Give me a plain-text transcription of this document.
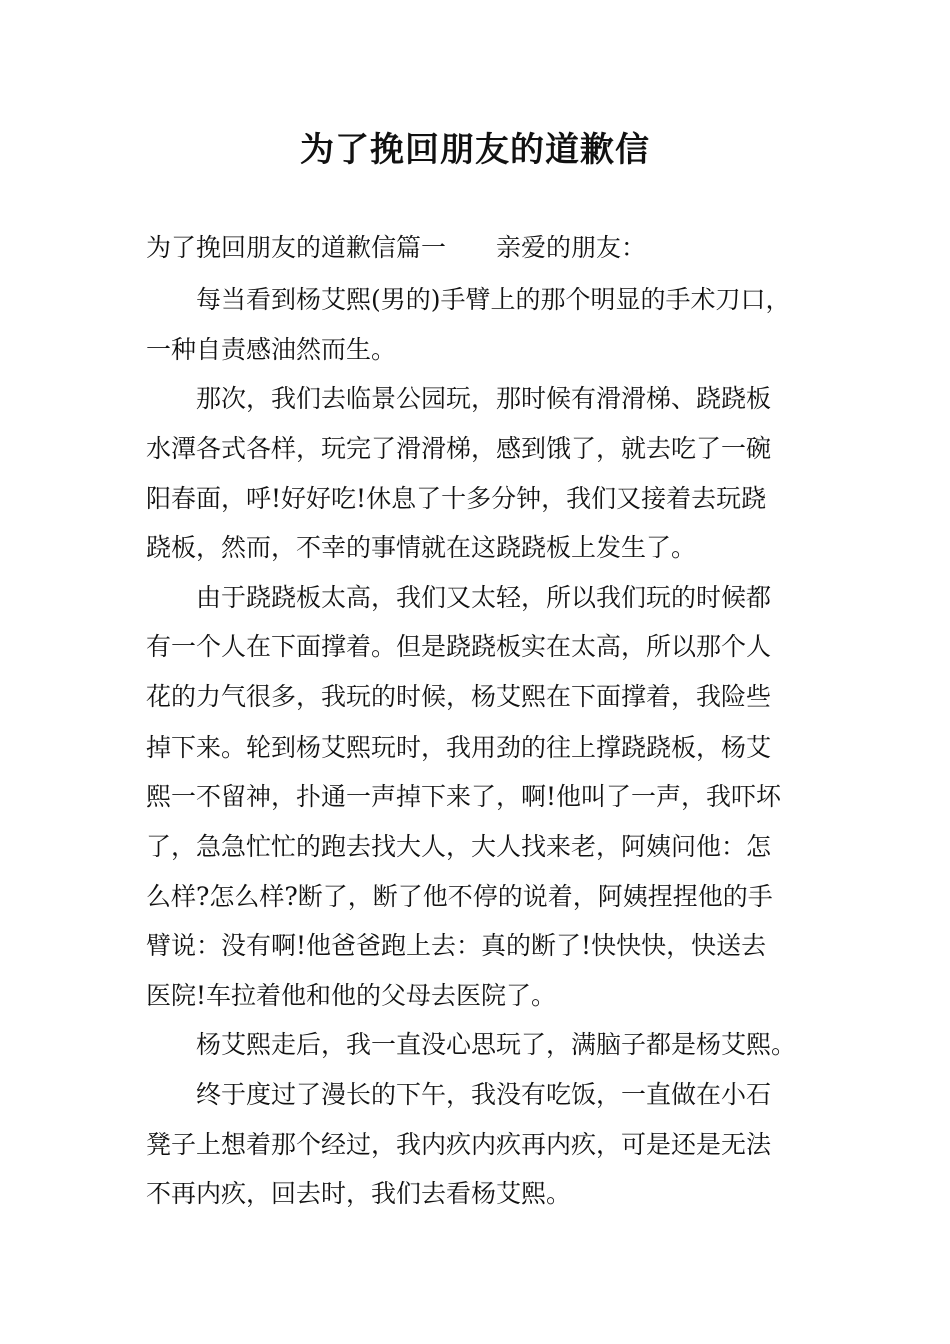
为了挽回朋友的道歉信
为了挽回朋友的道歉信篇一　　亲爱的朋友：
每当看到杨艾熙(男的)手臂上的那个明显的手术刀口，
一种自责感油然而生。
那次，我们去临景公园玩，那时候有滑滑梯、跷跷板
水潭各式各样，玩完了滑滑梯，感到饿了，就去吃了一碗
阳春面，呼!好好吃!休息了十多分钟，我们又接着去玩跷
跷板，然而，不幸的事情就在这跷跷板上发生了。
由于跷跷板太高，我们又太轻，所以我们玩的时候都
有一个人在下面撑着。但是跷跷板实在太高，所以那个人
花的力气很多，我玩的时候，杨艾熙在下面撑着，我险些
掉下来。轮到杨艾熙玩时，我用劲的往上撑跷跷板，杨艾
熙一不留神，扑通一声掉下来了，啊!他叫了一声，我吓坏
了，急急忙忙的跑去找大人，大人找来老，阿姨问他：怎
么样?怎么样?断了，断了他不停的说着，阿姨捏捏他的手
臂说：没有啊!他爸爸跑上去：真的断了!快快快，快送去
医院!车拉着他和他的父母去医院了。
杨艾熙走后，我一直没心思玩了，满脑子都是杨艾熙。
终于度过了漫长的下午，我没有吃饭，一直做在小石
凳子上想着那个经过，我内疚内疚再内疚，可是还是无法
不再内疚，回去时，我们去看杨艾熙。
